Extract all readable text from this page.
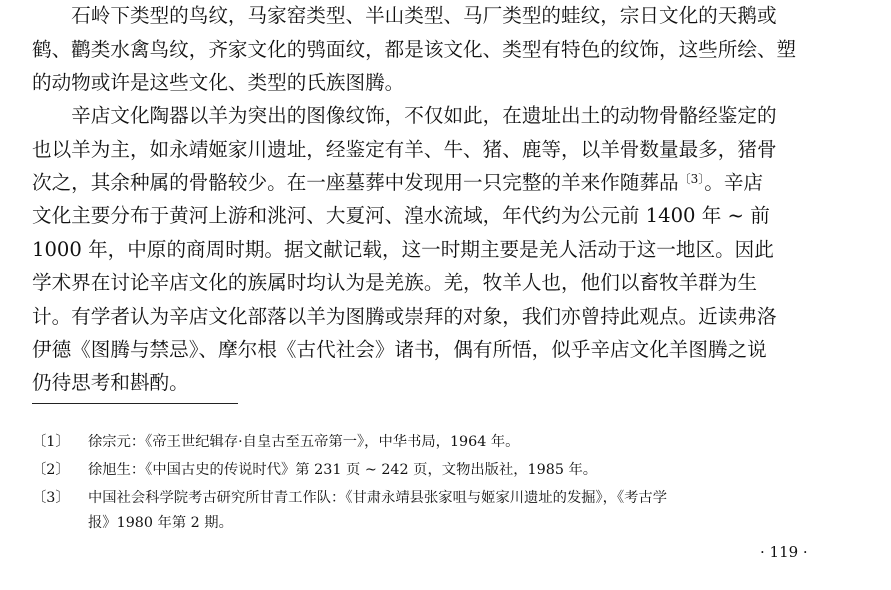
　　石岭下类型的鸟纹，马家窑类型、半山类型、马厂类型的蛙纹，宗日文化的天鹅或
鹤、鹳类水禽鸟纹，齐家文化的鸮面纹，都是该文化、类型有特色的纹饰，这些所绘、塑
的动物或许是这些文化、类型的氏族图腾。
　　辛店文化陶器以羊为突出的图像纹饰，不仅如此，在遗址出土的动物骨骼经鉴定的
也以羊为主，如永靖姬家川遗址，经鉴定有羊、牛、猪、鹿等，以羊骨数量最多，猪骨
次之，其余种属的骨骼较少。在一座墓葬中发现用一只完整的羊来作随葬品$^{〔3〕}$。辛店
文化主要分布于黄河上游和洮河、大夏河、湟水流域，年代约为公元前 1400 年 ~ 前
1000 年，中原的商周时期。据文献记载，这一时期主要是羌人活动于这一地区。因此
学术界在讨论辛店文化的族属时均认为是羌族。羌，牧羊人也，他们以畜牧羊群为生
计。有学者认为辛店文化部落以羊为图腾或崇拜的对象，我们亦曾持此观点。近读弗洛
伊德《图腾与禁忌》、摩尔根《古代社会》诸书，偶有所悟，似乎辛店文化羊图腾之说
仍待思考和斟酌。
〔1〕 徐宗元：《帝王世纪辑存·自皇古至五帝第一》，中华书局，1964 年。
〔2〕 徐旭生：《中国古史的传说时代》第 231 页 ~ 242 页，文物出版社，1985 年。
〔3〕 中国社会科学院考古研究所甘青工作队：《甘肃永靖县张家咀与姬家川遗址的发掘》，《考古学
报》1980 年第 2 期。
· 119 ·
